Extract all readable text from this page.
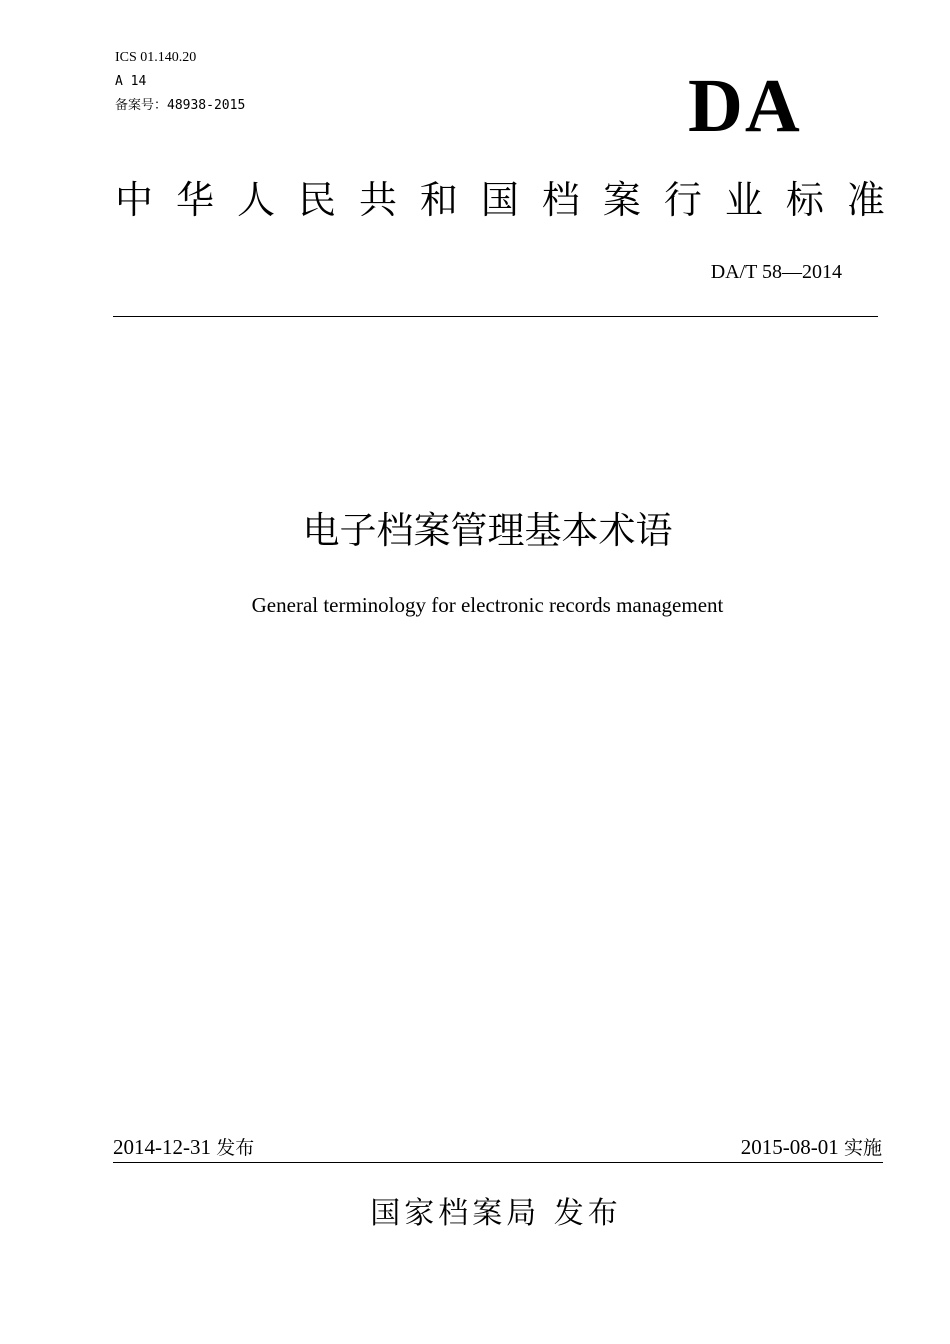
ICS 01.140.20
A 14
备案号：48938-2015	DA
中 华 人 民 共 和 国 档 案 行 业 标 准
DA/T 58—2014
电子档案管理基本术语
General terminology for electronic records management
2014-12-31 发布	2015-08-01 实施
国家档案局 发布
